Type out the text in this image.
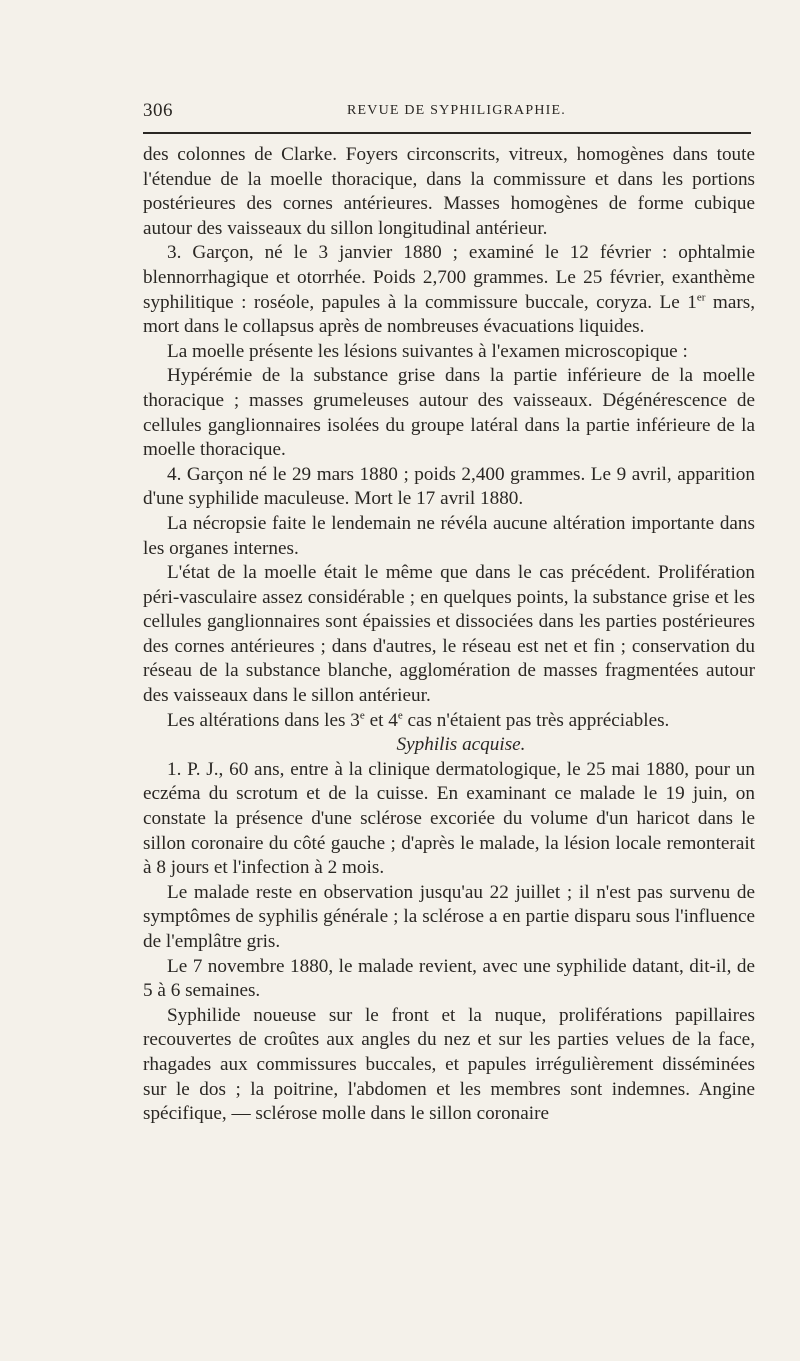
306	REVUE DE SYPHILIGRAPHIE.

des colonnes de Clarke. Foyers circonscrits, vitreux, homogènes dans toute l'étendue de la moelle thoracique, dans la commissure et dans les portions postérieures des cornes antérieures. Masses homogènes de forme cubique autour des vaisseaux du sillon longitudinal antérieur.

3. Garçon, né le 3 janvier 1880 ; examiné le 12 février : ophtalmie blennorrhagique et otorrhée. Poids 2,700 grammes. Le 25 février, exanthème syphilitique : roséole, papules à la commissure buccale, coryza. Le 1er mars, mort dans le collapsus après de nombreuses évacuations liquides.

La moelle présente les lésions suivantes à l'examen microscopique :

Hypérémie de la substance grise dans la partie inférieure de la moelle thoracique ; masses grumeleuses autour des vaisseaux. Dégénérescence de cellules ganglionnaires isolées du groupe latéral dans la partie inférieure de la moelle thoracique.

4. Garçon né le 29 mars 1880 ; poids 2,400 grammes. Le 9 avril, apparition d'une syphilide maculeuse. Mort le 17 avril 1880.

La nécropsie faite le lendemain ne révéla aucune altération importante dans les organes internes.

L'état de la moelle était le même que dans le cas précédent. Prolifération péri-vasculaire assez considérable ; en quelques points, la substance grise et les cellules ganglionnaires sont épaissies et dissociées dans les parties postérieures des cornes antérieures ; dans d'autres, le réseau est net et fin ; conservation du réseau de la substance blanche, agglomération de masses fragmentées autour des vaisseaux dans le sillon antérieur.

Les altérations dans les 3e et 4e cas n'étaient pas très appréciables.

Syphilis acquise.

1. P. J., 60 ans, entre à la clinique dermatologique, le 25 mai 1880, pour un eczéma du scrotum et de la cuisse. En examinant ce malade le 19 juin, on constate la présence d'une sclérose excoriée du volume d'un haricot dans le sillon coronaire du côté gauche ; d'après le malade, la lésion locale remonterait à 8 jours et l'infection à 2 mois.

Le malade reste en observation jusqu'au 22 juillet ; il n'est pas survenu de symptômes de syphilis générale ; la sclérose a en partie disparu sous l'influence de l'emplâtre gris.

Le 7 novembre 1880, le malade revient, avec une syphilide datant, dit-il, de 5 à 6 semaines.

Syphilide noueuse sur le front et la nuque, proliférations papillaires recouvertes de croûtes aux angles du nez et sur les parties velues de la face, rhagades aux commissures buccales, et papules irrégulièrement disséminées sur le dos ; la poitrine, l'abdomen et les membres sont indemnes. Angine spécifique, — sclérose molle dans le sillon coronaire
